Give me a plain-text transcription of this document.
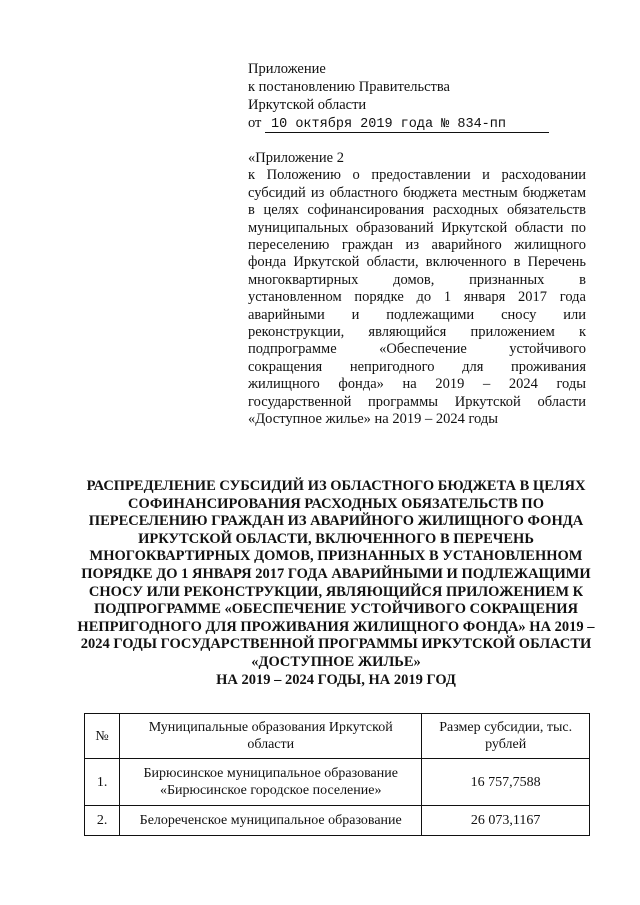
Приложение
к постановлению Правительства
Иркутской области
от 10 октября 2019 года № 834-пп
«Приложение 2
к Положению о предоставлении и расходовании субсидий из областного бюджета местным бюджетам в целях софинансирования расходных обязательств муниципальных образований Иркутской области по переселению граждан из аварийного жилищного фонда Иркутской области, включенного в Перечень многоквартирных домов, признанных в установленном порядке до 1 января 2017 года аварийными и подлежащими сносу или реконструкции, являющийся приложением к подпрограмме «Обеспечение устойчивого сокращения непригодного для проживания жилищного фонда» на 2019 – 2024 годы государственной программы Иркутской области «Доступное жилье» на 2019 – 2024 годы
РАСПРЕДЕЛЕНИЕ СУБСИДИЙ ИЗ ОБЛАСТНОГО БЮДЖЕТА В ЦЕЛЯХ СОФИНАНСИРОВАНИЯ РАСХОДНЫХ ОБЯЗАТЕЛЬСТВ ПО ПЕРЕСЕЛЕНИЮ ГРАЖДАН ИЗ АВАРИЙНОГО ЖИЛИЩНОГО ФОНДА ИРКУТСКОЙ ОБЛАСТИ, ВКЛЮЧЕННОГО В ПЕРЕЧЕНЬ МНОГОКВАРТИРНЫХ ДОМОВ, ПРИЗНАННЫХ В УСТАНОВЛЕННОМ ПОРЯДКЕ ДО 1 ЯНВАРЯ 2017 ГОДА АВАРИЙНЫМИ И ПОДЛЕЖАЩИМИ СНОСУ ИЛИ РЕКОНСТРУКЦИИ, ЯВЛЯЮЩИЙСЯ ПРИЛОЖЕНИЕМ К ПОДПРОГРАММЕ «ОБЕСПЕЧЕНИЕ УСТОЙЧИВОГО СОКРАЩЕНИЯ НЕПРИГОДНОГО ДЛЯ ПРОЖИВАНИЯ ЖИЛИЩНОГО ФОНДА» НА 2019 – 2024 ГОДЫ ГОСУДАРСТВЕННОЙ ПРОГРАММЫ ИРКУТСКОЙ ОБЛАСТИ «ДОСТУПНОЕ ЖИЛЬЕ»
НА 2019 – 2024 ГОДЫ, НА 2019 ГОД
№	Муниципальные образования Иркутской области	Размер субсидии, тыс. рублей
1.	Бирюсинское муниципальное образование «Бирюсинское городское поселение»	16 757,7588
2.	Белореченское муниципальное образование	26 073,1167
